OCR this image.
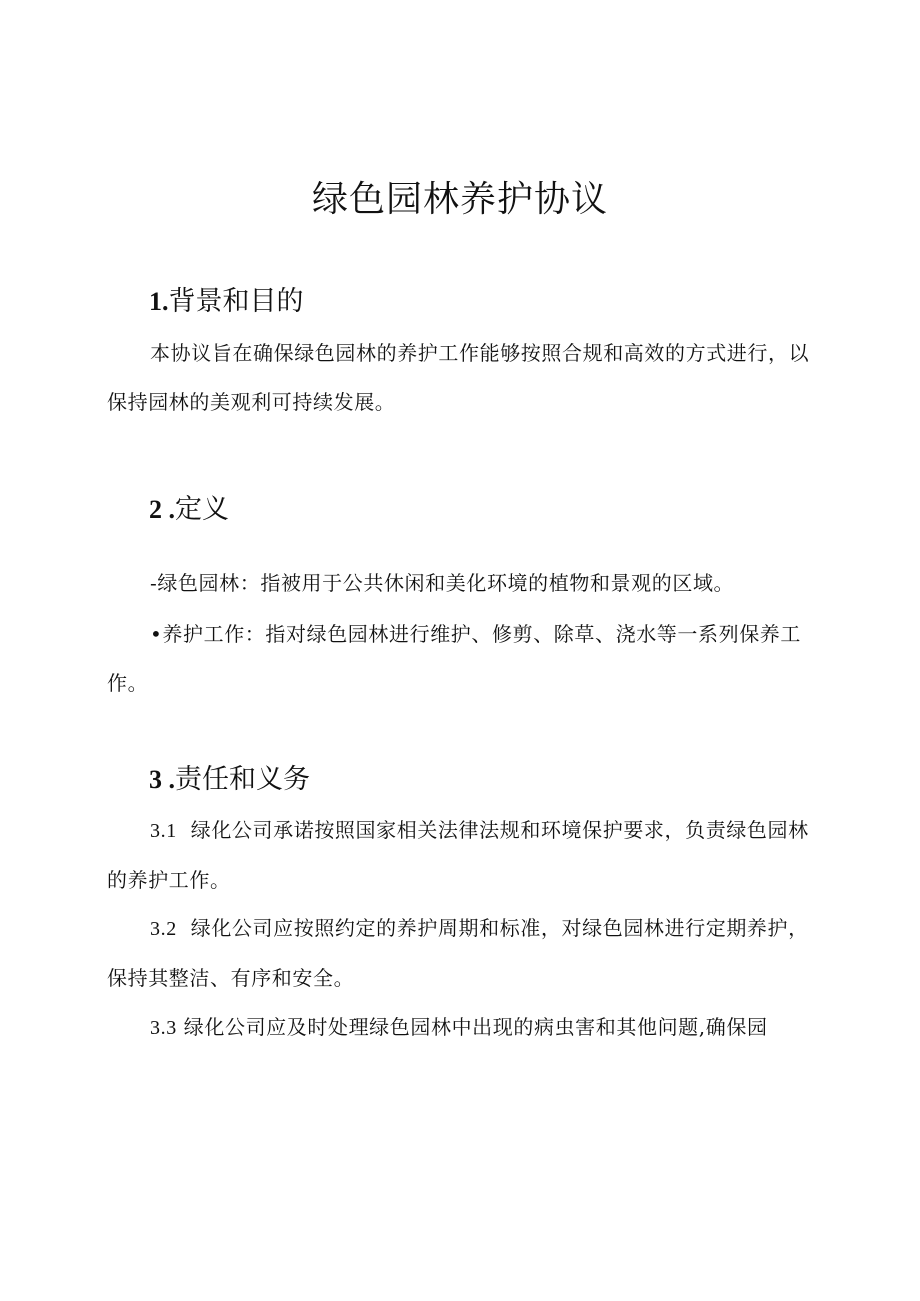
绿色园林养护协议
1.背景和目的

本协议旨在确保绿色园林的养护工作能够按照合规和高效的方式进行，以保持园林的美观利可持续发展。

2 .定义

-绿色园林：指被用于公共休闲和美化环境的植物和景观的区域。

•养护工作：指对绿色园林进行维护、修剪、除草、浇水等一系列保养工作。

3 .责任和义务

3.1 绿化公司承诺按照国家相关法律法规和环境保护要求，负责绿色园林的养护工作。

3.2 绿化公司应按照约定的养护周期和标准，对绿色园林进行定期养护，保持其整洁、有序和安全。

3.3 绿化公司应及时处理绿色园林中出现的病虫害和其他问题,确保园
